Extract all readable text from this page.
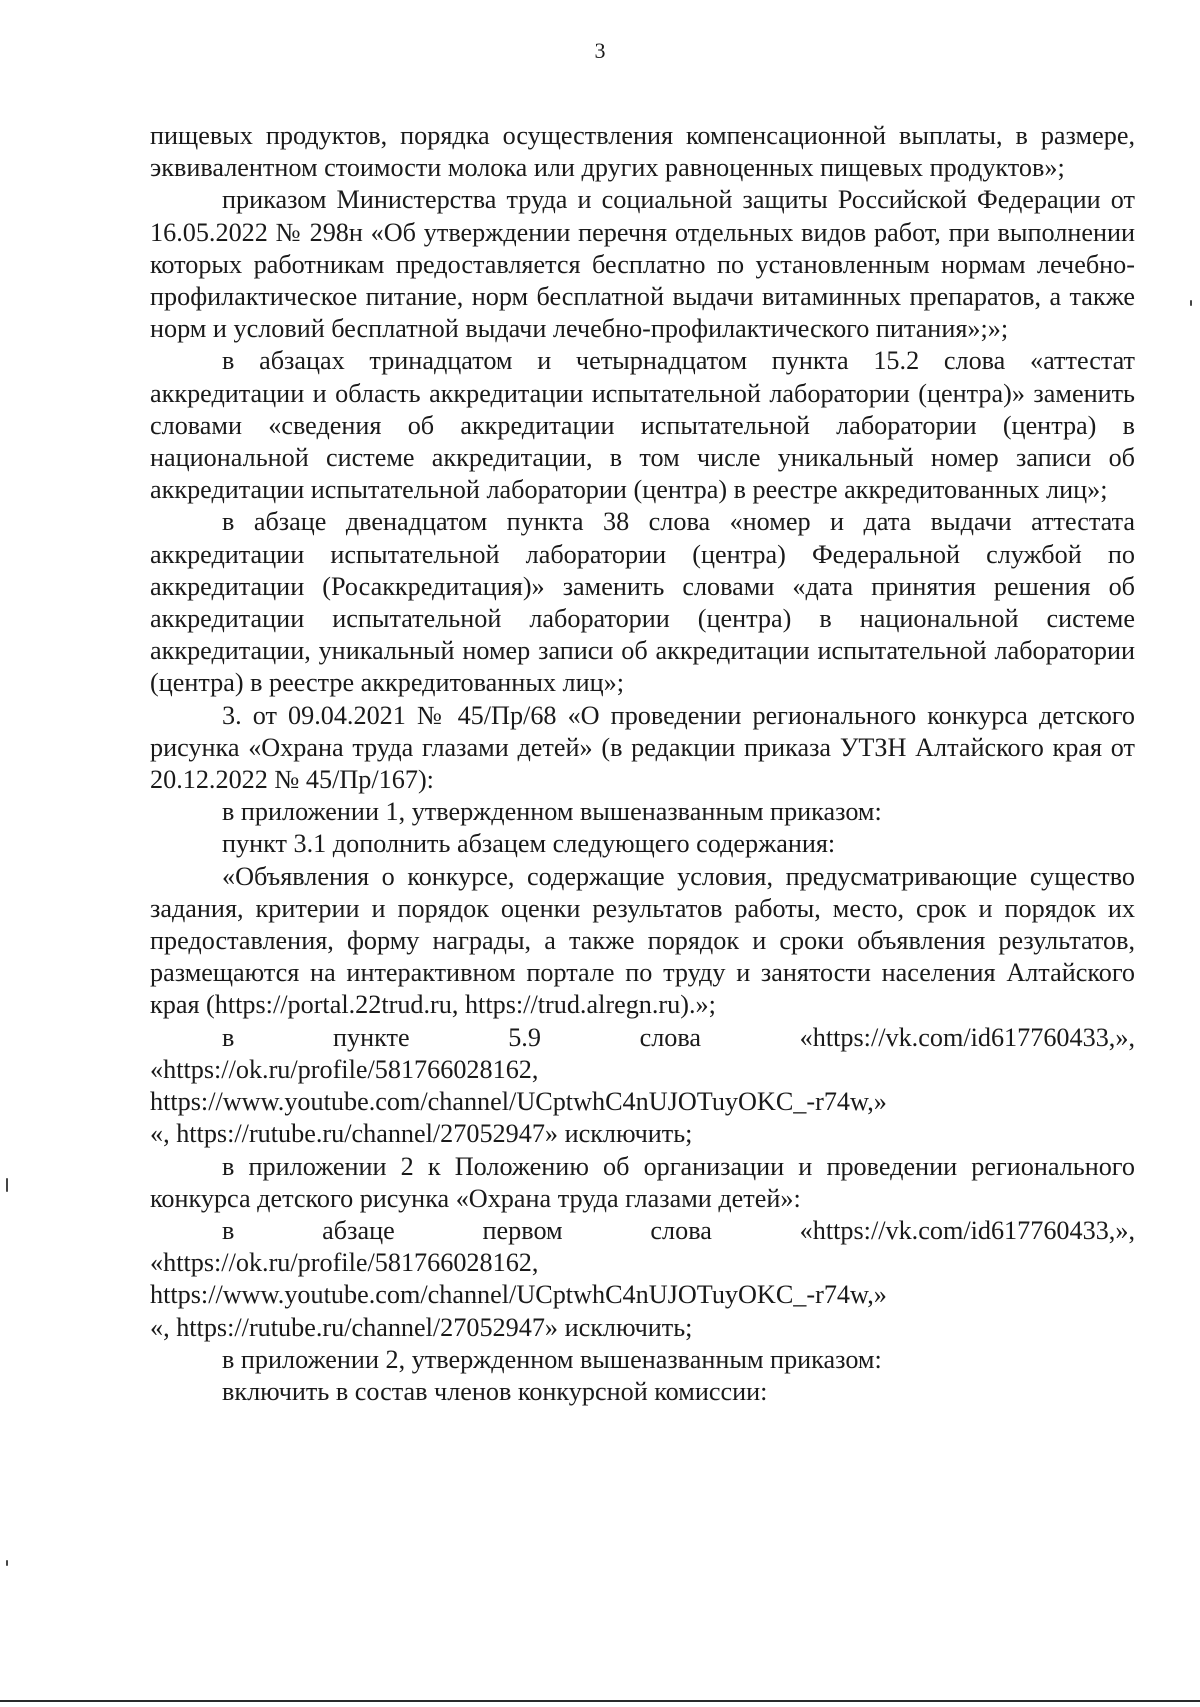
3

пищевых продуктов, порядка осуществления компенсационной выплаты, в размере, эквивалентном стоимости молока или других равноценных пищевых продуктов»;

приказом Министерства труда и социальной защиты Российской Федерации от 16.05.2022 № 298н «Об утверждении перечня отдельных видов работ, при выполнении которых работникам предоставляется бесплатно по установленным нормам лечебно-профилактическое питание, норм бесплатной выдачи витаминных препаратов, а также норм и условий бесплатной выдачи лечебно-профилактического питания»;»;

в абзацах тринадцатом и четырнадцатом пункта 15.2 слова «аттестат аккредитации и область аккредитации испытательной лаборатории (центра)» заменить словами «сведения об аккредитации испытательной лаборатории (центра) в национальной системе аккредитации, в том числе уникальный номер записи об аккредитации испытательной лаборатории (центра) в реестре аккредитованных лиц»;

в абзаце двенадцатом пункта 38 слова «номер и дата выдачи аттестата аккредитации испытательной лаборатории (центра) Федеральной службой по аккредитации (Росаккредитация)» заменить словами «дата принятия решения об аккредитации испытательной лаборатории (центра) в национальной системе аккредитации, уникальный номер записи об аккредитации испытательной лаборатории (центра) в реестре аккредитованных лиц»;

3. от 09.04.2021 № 45/Пр/68 «О проведении регионального конкурса детского рисунка «Охрана труда глазами детей» (в редакции приказа УТЗН Алтайского края от 20.12.2022 № 45/Пр/167):

в приложении 1, утвержденном вышеназванным приказом:

пункт 3.1 дополнить абзацем следующего содержания:

«Объявления о конкурсе, содержащие условия, предусматривающие существо задания, критерии и порядок оценки результатов работы, место, срок и порядок их предоставления, форму награды, а также порядок и сроки объявления результатов, размещаются на интерактивном портале по труду и занятости населения Алтайского края (https://portal.22trud.ru, https://trud.alregn.ru).»;

в пункте 5.9 слова «https://vk.com/id617760433,»,

«https://ok.ru/profile/581766028162,

https://www.youtube.com/channel/UCptwhC4nUJOTuyOKC_-r74w,»

«, https://rutube.ru/channel/27052947» исключить;

в приложении 2 к Положению об организации и проведении регионального конкурса детского рисунка «Охрана труда глазами детей»:

в абзаце первом слова «https://vk.com/id617760433,»,

«https://ok.ru/profile/581766028162,

https://www.youtube.com/channel/UCptwhC4nUJOTuyOKC_-r74w,»

«, https://rutube.ru/channel/27052947» исключить;

в приложении 2, утвержденном вышеназванным приказом:

включить в состав членов конкурсной комиссии:
